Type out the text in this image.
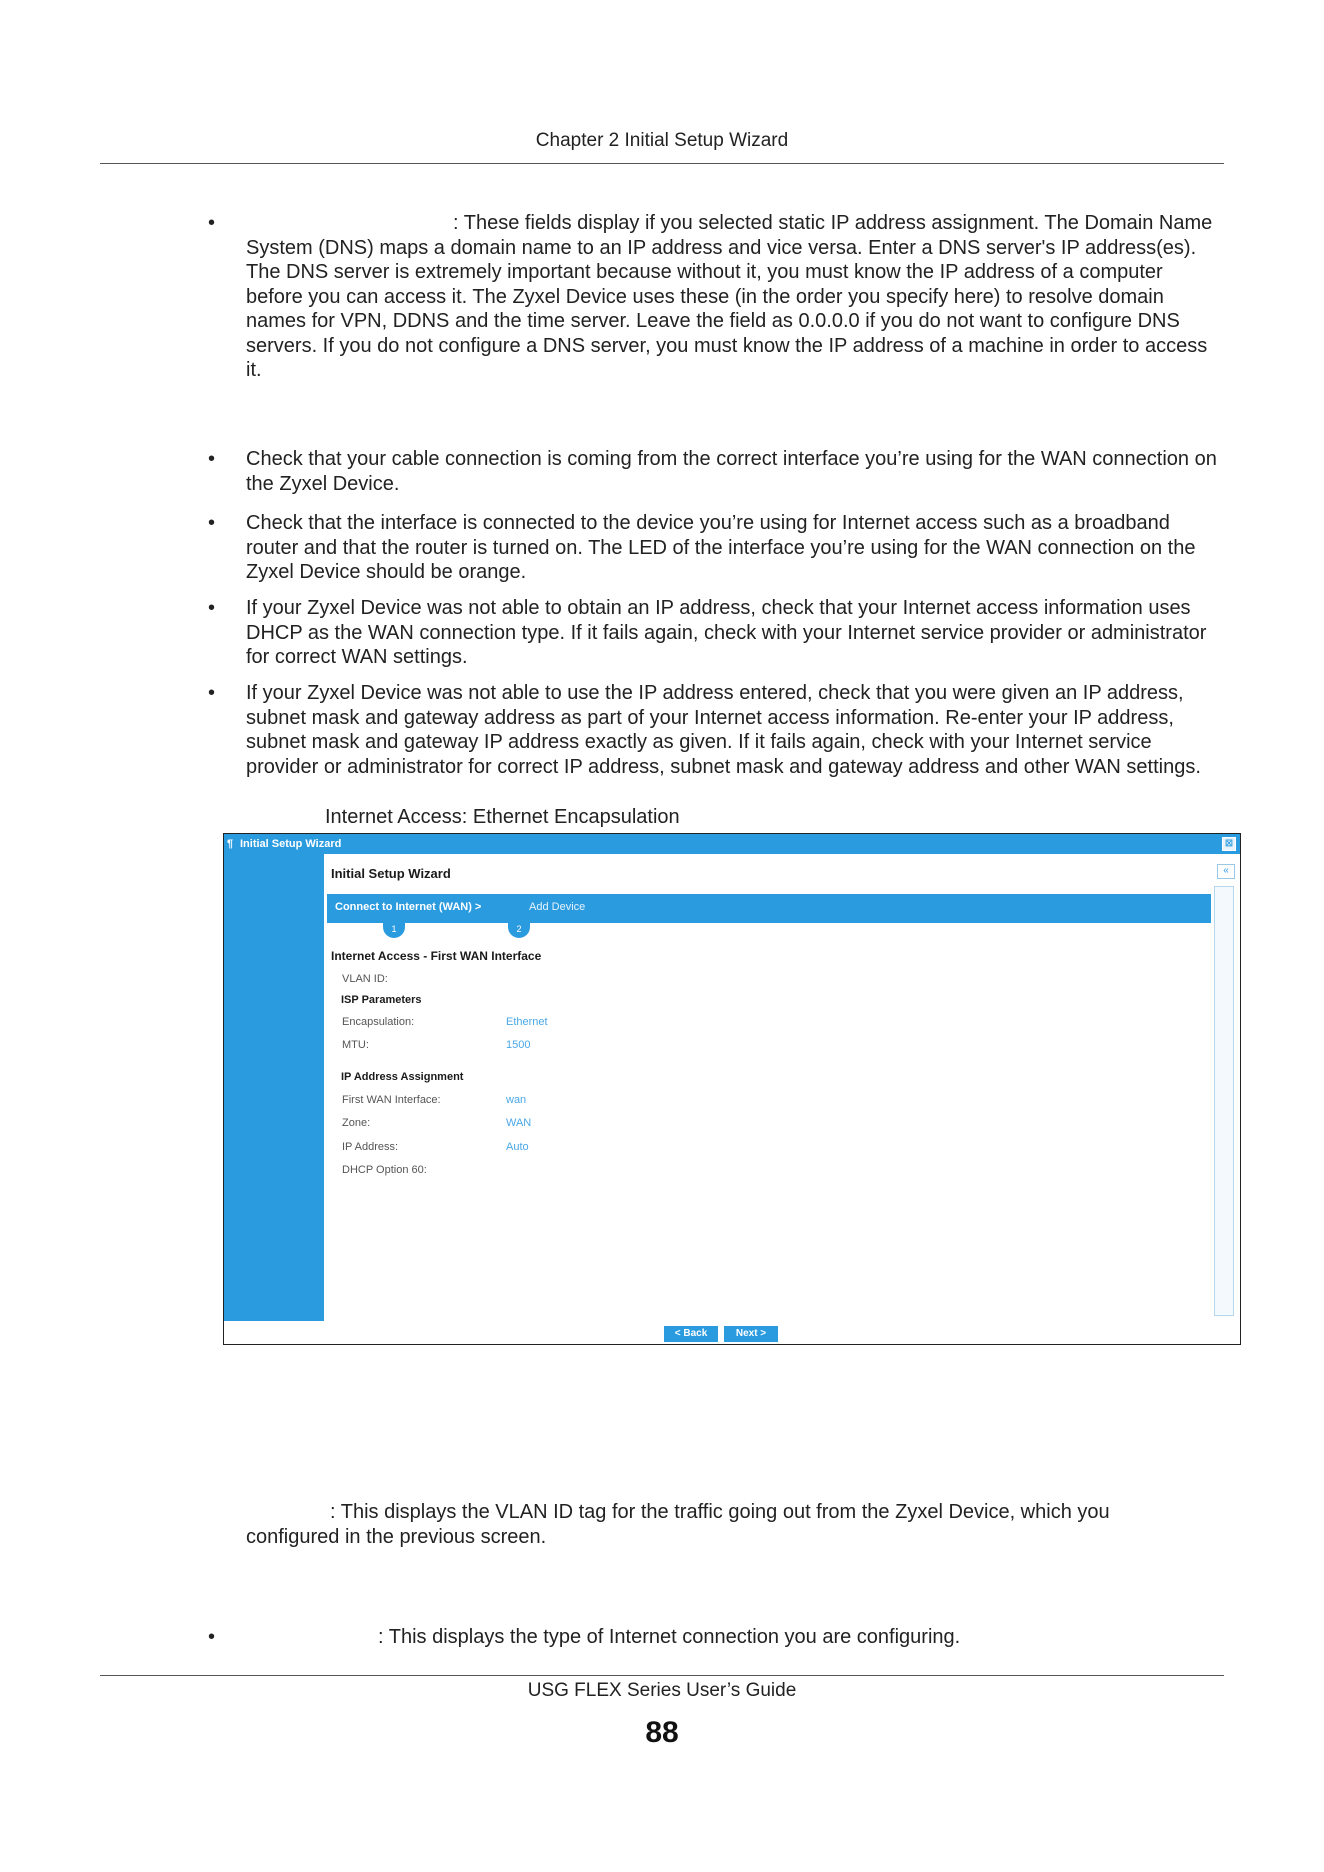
Chapter 2 Initial Setup Wizard
•	: These fields display if you selected static IP address assignment. The Domain Name System (DNS) maps a domain name to an IP address and vice versa. Enter a DNS server's IP address(es). The DNS server is extremely important because without it, you must know the IP address of a computer before you can access it. The Zyxel Device uses these (in the order you specify here) to resolve domain names for VPN, DDNS and the time server. Leave the field as 0.0.0.0 if you do not want to configure DNS servers. If you do not configure a DNS server, you must know the IP address of a machine in order to access it.
• Check that your cable connection is coming from the correct interface you’re using for the WAN connection on the Zyxel Device.
• Check that the interface is connected to the device you’re using for Internet access such as a broadband router and that the router is turned on. The LED of the interface you’re using for the WAN connection on the Zyxel Device should be orange.
• If your Zyxel Device was not able to obtain an IP address, check that your Internet access information uses DHCP as the WAN connection type. If it fails again, check with your Internet service provider or administrator for correct WAN settings.
• If your Zyxel Device was not able to use the IP address entered, check that you were given an IP address, subnet mask and gateway address as part of your Internet access information. Re-enter your IP address, subnet mask and gateway IP address exactly as given. If it fails again, check with your Internet service provider or administrator for correct IP address, subnet mask and gateway address and other WAN settings.
Internet Access: Ethernet Encapsulation
¶ Initial Setup Wizard	⊠
Initial Setup Wizard	«
Connect to Internet (WAN) >	Add Device
1	2
Internet Access - First WAN Interface
VLAN ID:
ISP Parameters
Encapsulation:	Ethernet
MTU:	1500
IP Address Assignment
First WAN Interface:	wan
Zone:	WAN
IP Address:	Auto
DHCP Option 60:
< Back	Next >
: This displays the VLAN ID tag for the traffic going out from the Zyxel Device, which you
configured in the previous screen.
•	: This displays the type of Internet connection you are configuring.
USG FLEX Series User’s Guide
88
